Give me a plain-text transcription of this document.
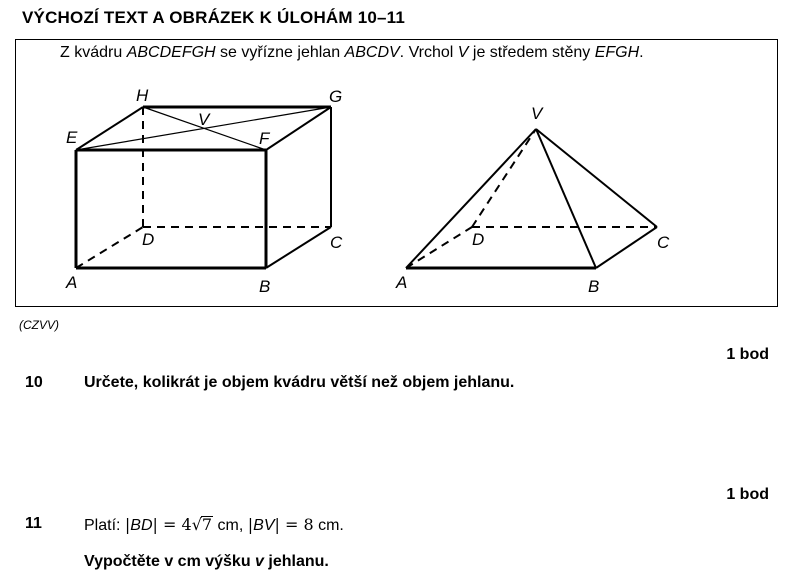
VÝCHOZÍ TEXT A OBRÁZEK K ÚLOHÁM 10–11
Z kvádru ABCDEFGH se vyřízne jehlan ABCDV. Vrchol V je středem stěny EFGH.
A	B
C
D
E	F
G
H
V
A	B
C
D
V
(CZVV)
1 bod
10	Určete, kolikrát je objem kvádru větší než objem jehlanu.
1 bod
11	Platí: |BD| = 4√7 cm, |BV| = 8 cm.
Vypočtěte v cm výšku v jehlanu.
